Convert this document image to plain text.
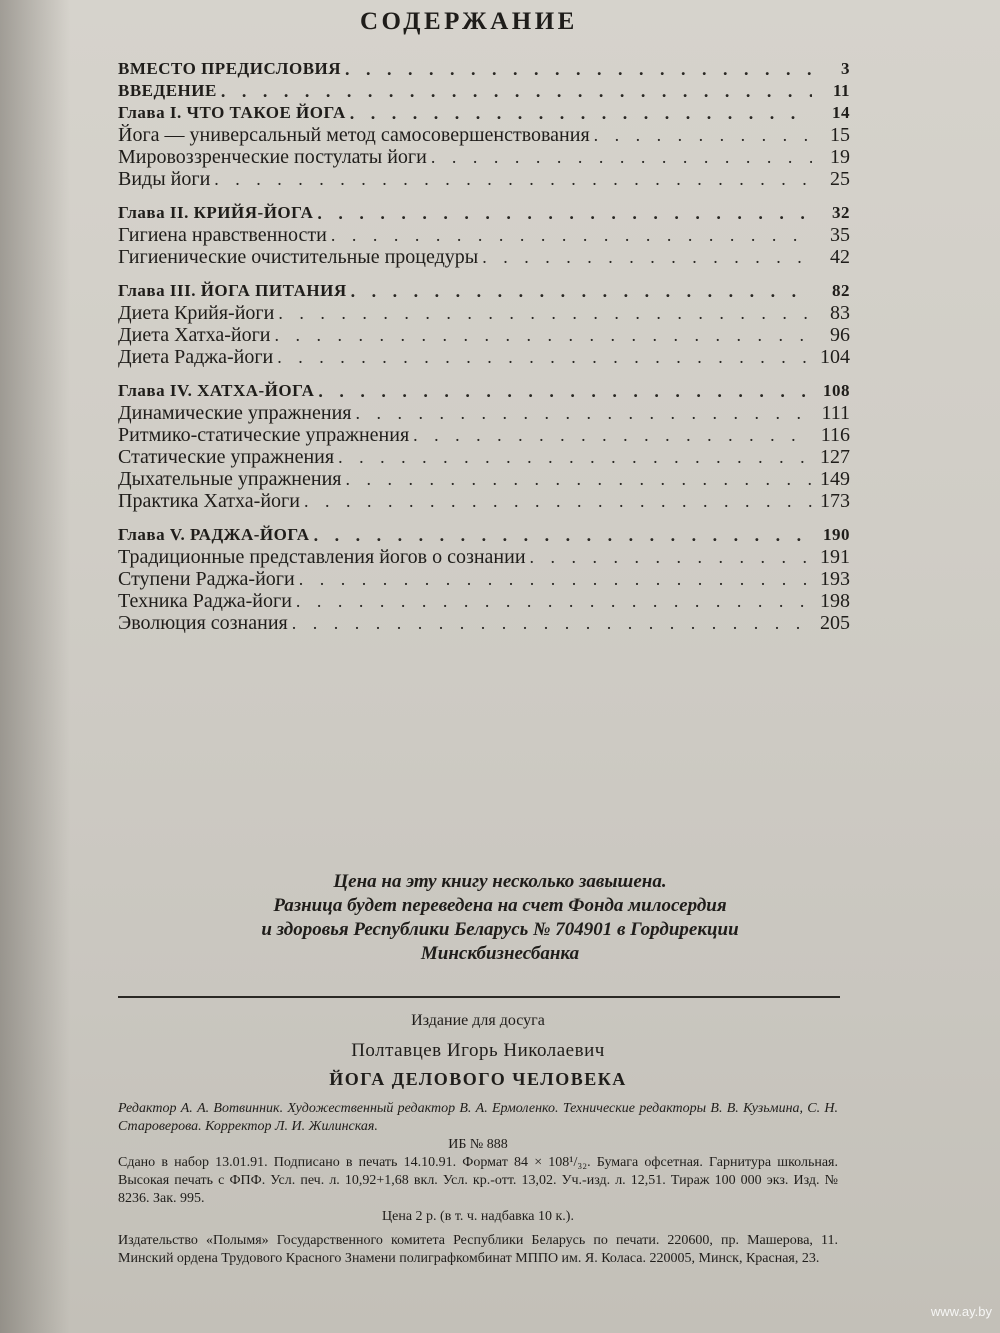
СОДЕРЖАНИЕ
ВМЕСТО ПРЕДИСЛОВИЯ . . .	3
ВВЕДЕНИЕ . . .	11
Глава I. ЧТО ТАКОЕ ЙОГА . . .	14
Йога — универсальный метод самосовершенствования . . .	15
Мировоззренческие постулаты йоги . . .	19
Виды йоги . . .	25
Глава II. КРИЙЯ-ЙОГА . . .	32
Гигиена нравственности . . .	35
Гигиенические очистительные процедуры . . .	42
Глава III. ЙОГА ПИТАНИЯ . . .	82
Диета Крийя-йоги . . .	83
Диета Хатха-йоги . . .	96
Диета Раджа-йоги . . .	104
Глава IV. ХАТХА-ЙОГА . . .	108
Динамические упражнения . . .	111
Ритмико-статические упражнения . . .	116
Статические упражнения . . .	127
Дыхательные упражнения . . .	149
Практика Хатха-йоги . . .	173
Глава V. РАДЖА-ЙОГА . . .	190
Традиционные представления йогов о сознании . . .	191
Ступени Раджа-йоги . . .	193
Техника Раджа-йоги . . .	198
Эволюция сознания . . .	205
Цена на эту книгу несколько завышена.
Разница будет переведена на счет Фонда милосердия
и здоровья Республики Беларусь № 704901 в Гордирекции
Минскбизнесбанка
Издание для досуга
Полтавцев Игорь Николаевич
ЙОГА ДЕЛОВОГО ЧЕЛОВЕКА
Редактор А. А. Вотвинник. Художественный редактор В. А. Ермоленко. Технические редакторы В. В. Кузьмина, С. Н. Староверова. Корректор Л. И. Жилинская.
ИБ № 888
Сдано в набор 13.01.91. Подписано в печать 14.10.91. Формат 84 × 108¹/₃₂. Бумага офсетная. Гарнитура школьная. Высокая печать с ФПФ. Усл. печ. л. 10,92+1,68 вкл. Усл. кр.-отт. 13,02. Уч.-изд. л. 12,51. Тираж 100 000 экз. Изд. № 8236. Зак. 995.
Цена 2 р. (в т. ч. надбавка 10 к.).
Издательство «Полымя» Государственного комитета Республики Беларусь по печати. 220600, пр. Машерова, 11. Минский ордена Трудового Красного Знамени полиграфкомбинат МППО им. Я. Коласа. 220005, Минск, Красная, 23.
www.ay.by
